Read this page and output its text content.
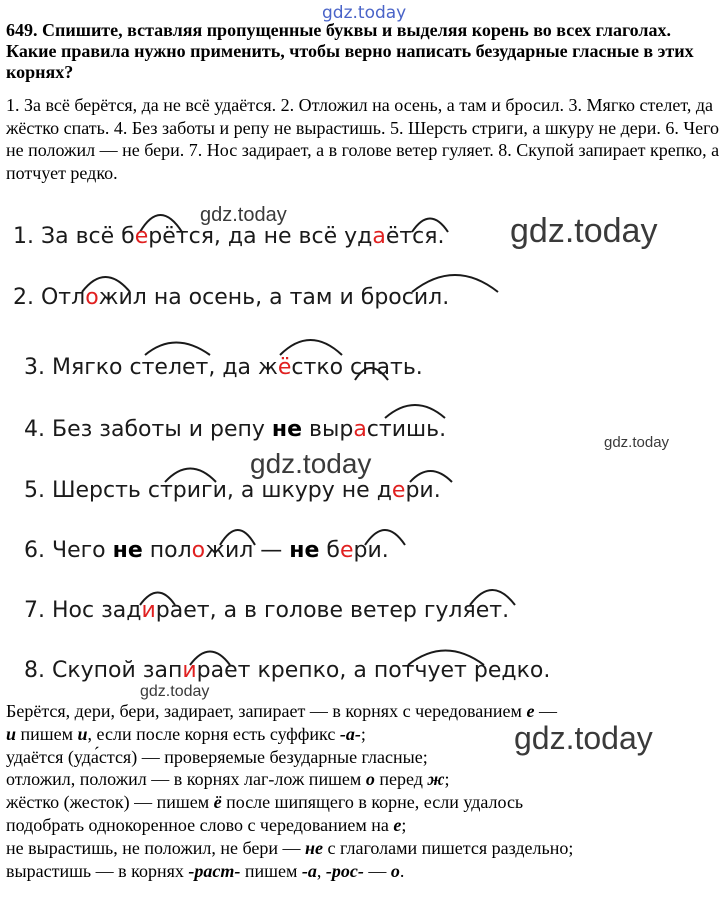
gdz.today
649. Спишите, вставляя пропущенные буквы и выделяя корень во всех глаголах. Какие правила нужно применить, чтобы верно написать безударные гласные в этих корнях?
1. За всё берётся, да не всё удаётся. 2. Отложил на осень, а там и бросил. 3. Мягко стелет, да жёстко спать. 4. Без заботы и репу не вырастишь. 5. Шерсть стриги, а шкуру не дери. 6. Чего не положил — не бери. 7. Нос задирает, а в голове ветер гуляет. 8. Скупой запирает крепко, а потчует редко.
1. За всё берётся, да не всё удаётся.
2. Отложил на осень, а там и бросил.
3. Мягко стелет, да жёстко спать.
4. Без заботы и репу не вырастишь.
5. Шерсть стриги, а шкуру не дери.
6. Чего не положил — не бери.
7. Нос задирает, а в голове ветер гуляет.
8. Скупой запирает крепко, а потчует редко.

Берётся, дери, бери, задирает, запирает — в корнях с чередованием е —

и пишем и, если после корня есть суффикс -а-;

удаётся (уда́стся) — проверяемые безударные гласные;

отложил, положил — в корнях лаг-лож пишем о перед ж;

жёстко (жесток) — пишем ё после шипящего в корне, если удалось

подобрать однокоренное слово с чередованием на е;

не вырастишь, не положил, не бери — не с глаголами пишется раздельно;

вырастишь — в корнях -раст- пишем -а, -рос- — о.

gdz.today	gdz.today
gdz.today
gdz.today
gdz.today
gdz.today
